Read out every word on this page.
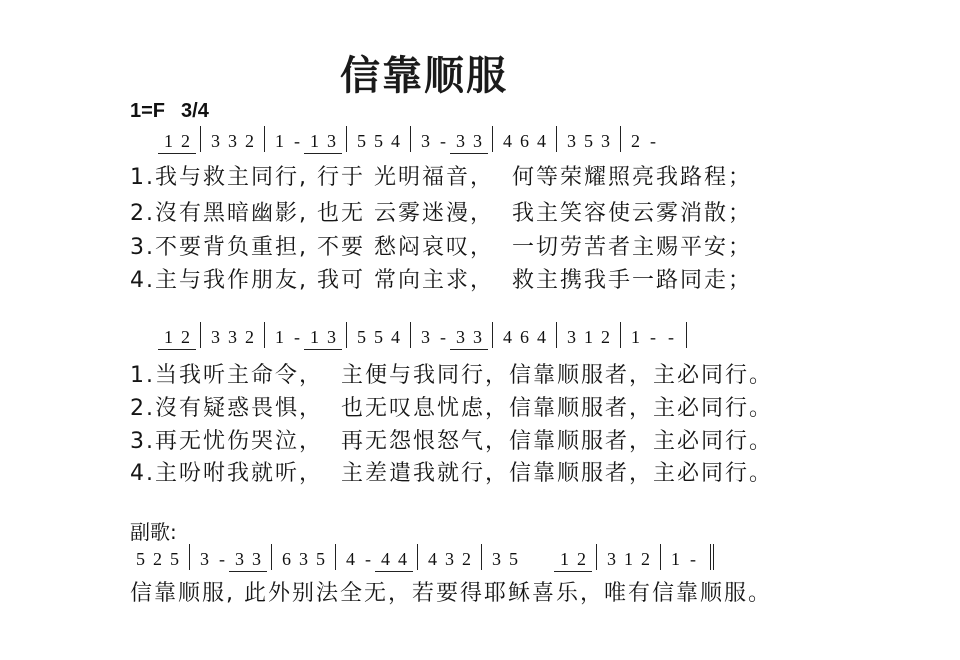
信靠顺服
1=F 3/4
1 2 3 3 2 1 - 1 3 5 5 4 3 - 3 3 4 6 4 3 5 3 2 -
1.我与救主同行, 行于 光明福音，  何等荣耀照亮我路程；
2.沒有黑暗幽影, 也无 云雾迷漫，  我主笑容使云雾消散；
3.不要背负重担, 不要 愁闷哀叹，  一切劳苦者主赐平安；
4.主与我作朋友, 我可 常向主求，  救主携我手一路同走；
1 2 3 3 2 1 - 1 3 5 5 4 3 - 3 3 4 6 4 3 1 2 1 - -
1.当我听主命令，  主便与我同行，信靠顺服者，主必同行。
2.沒有疑惑畏惧，  也无叹息忧虑，信靠顺服者，主必同行。
3.再无忧伤哭泣，  再无怨恨怒气，信靠顺服者，主必同行。
4.主吩咐我就听，  主差遣我就行，信靠顺服者，主必同行。
副歌:
5 2 5 3 - 3 3 6 3 5 4 - 4 4 4 3 2 3 5 1 2 3 1 2 1 -
信靠顺服, 此外别法全无，若要得耶稣喜乐，唯有信靠顺服。
